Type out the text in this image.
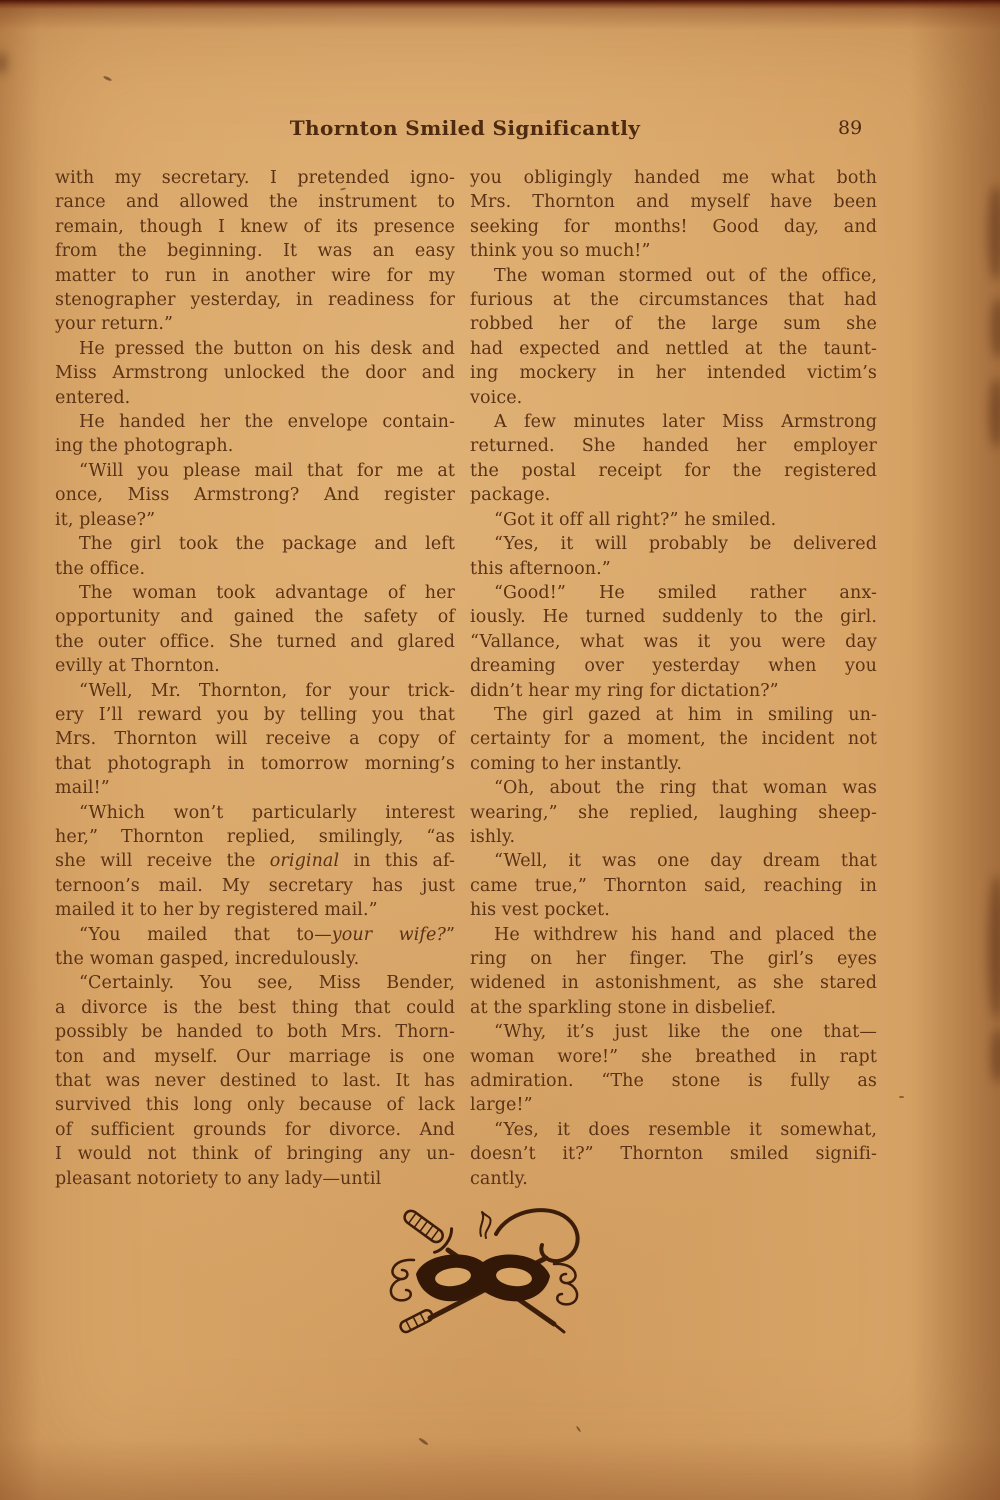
Thornton Smiled Significantly	89
with my secretary. I pretended igno-
rance and allowed the instrument to
remain, though I knew of its presence
from the beginning. It was an easy
matter to run in another wire for my
stenographer yesterday, in readiness for
your return.”
He pressed the button on his desk and
Miss Armstrong unlocked the door and
entered.
He handed her the envelope contain-
ing the photograph.
“Will you please mail that for me at
once, Miss Armstrong? And register
it, please?”
The girl took the package and left
the office.
The woman took advantage of her
opportunity and gained the safety of
the outer office. She turned and glared
evilly at Thornton.
“Well, Mr. Thornton, for your trick-
ery I’ll reward you by telling you that
Mrs. Thornton will receive a copy of
that photograph in tomorrow morning’s
mail!”
“Which won’t particularly interest
her,” Thornton replied, smilingly, “as
she will receive the original in this af-
ternoon’s mail. My secretary has just
mailed it to her by registered mail.”
“You mailed that to—your wife?”
the woman gasped, incredulously.
“Certainly. You see, Miss Bender,
a divorce is the best thing that could
possibly be handed to both Mrs. Thorn-
ton and myself. Our marriage is one
that was never destined to last. It has
survived this long only because of lack
of sufficient grounds for divorce. And
I would not think of bringing any un-
pleasant notoriety to any lady—until
you obligingly handed me what both
Mrs. Thornton and myself have been
seeking for months! Good day, and
think you so much!”
The woman stormed out of the office,
furious at the circumstances that had
robbed her of the large sum she
had expected and nettled at the taunt-
ing mockery in her intended victim’s
voice.
A few minutes later Miss Armstrong
returned. She handed her employer
the postal receipt for the registered
package.
“Got it off all right?” he smiled.
“Yes, it will probably be delivered
this afternoon.”
“Good!” He smiled rather anx-
iously. He turned suddenly to the girl.
“Vallance, what was it you were day
dreaming over yesterday when you
didn’t hear my ring for dictation?”
The girl gazed at him in smiling un-
certainty for a moment, the incident not
coming to her instantly.
“Oh, about the ring that woman was
wearing,” she replied, laughing sheep-
ishly.
“Well, it was one day dream that
came true,” Thornton said, reaching in
his vest pocket.
He withdrew his hand and placed the
ring on her finger. The girl’s eyes
widened in astonishment, as she stared
at the sparkling stone in disbelief.
“Why, it’s just like the one that—
woman wore!” she breathed in rapt
admiration. “The stone is fully as
large!”
“Yes, it does resemble it somewhat,
doesn’t it?” Thornton smiled signifi-
cantly.
